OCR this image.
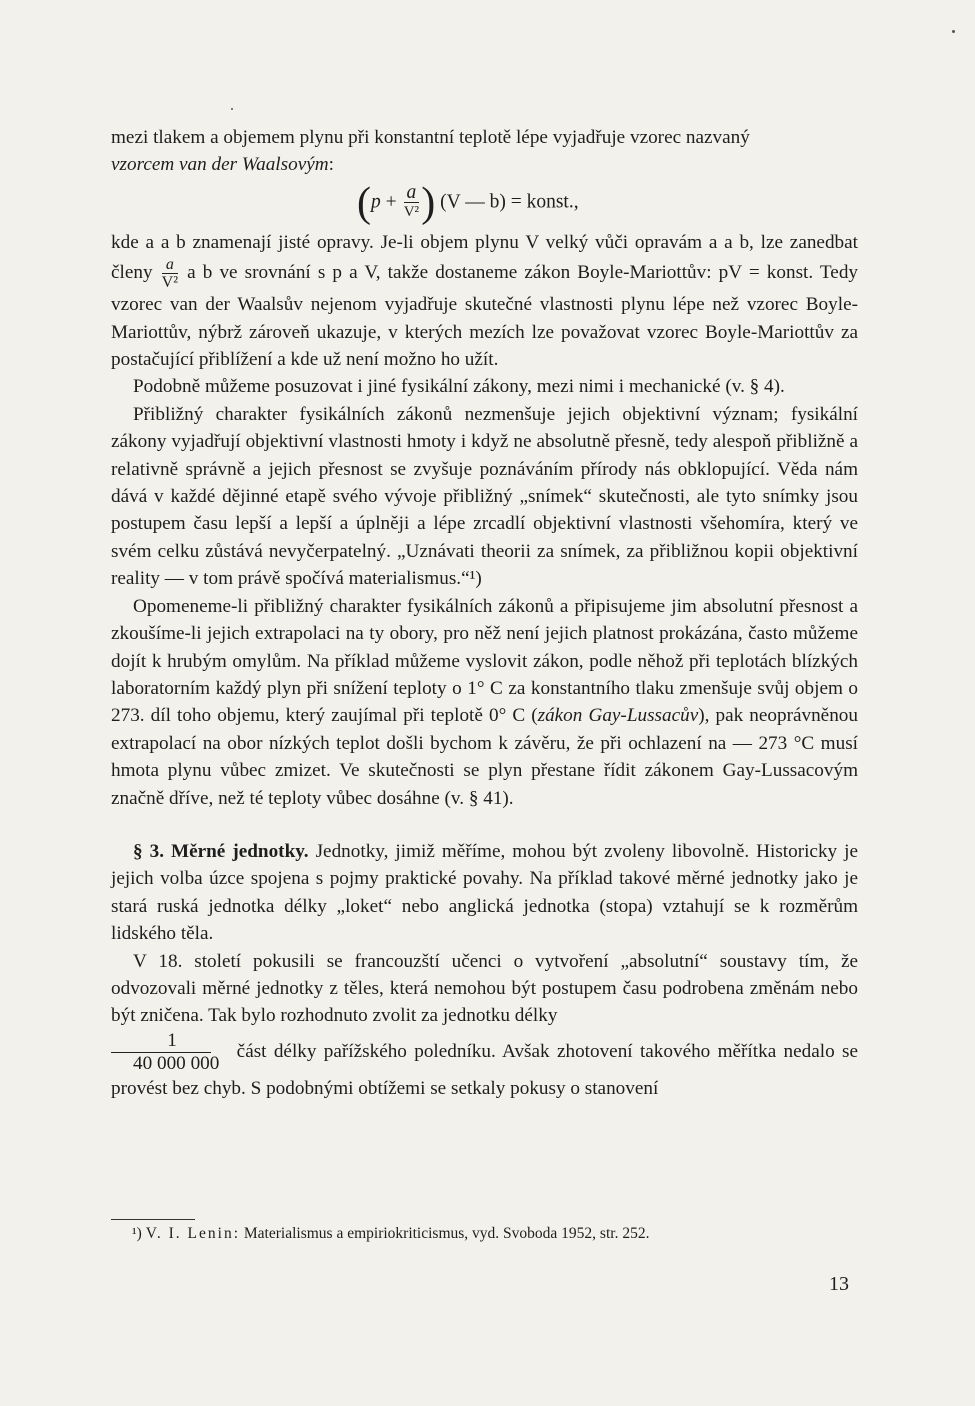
mezi tlakem a objemem plynu při konstantní teplotě lépe vyjadřuje vzorec nazvaný
vzorcem van der Waalsovým:

($p + \frac{a}{\text{V²}}$ ) (V — b) = konst.,

kde a a b znamenají jisté opravy. Je-li objem plynu V velký vůči opravám a a b, lze zanedbat členy $\frac{a}{\text{V²}}$ a b ve srovnání s p a V, takže dostaneme zákon Boyle-Mariottův: pV = konst. Tedy vzorec van der Waalsův nejenom vyjadřuje skutečné vlastnosti plynu lépe než vzorec Boyle-Mariottův, nýbrž zároveň ukazuje, v kterých mezích lze považovat vzorec Boyle-Mariottův za postačující přiblížení a kde už není možno ho užít.

Podobně můžeme posuzovat i jiné fysikální zákony, mezi nimi i mechanické (v. § 4).

Přibližný charakter fysikálních zákonů nezmenšuje jejich objektivní význam; fysikální zákony vyjadřují objektivní vlastnosti hmoty i když ne absolutně přesně, tedy alespoň přibližně a relativně správně a jejich přesnost se zvyšuje poznáváním přírody nás obklopující. Věda nám dává v každé dějinné etapě svého vývoje přibližný „snímek“ skutečnosti, ale tyto snímky jsou postupem času lepší a lepší a úplněji a lépe zrcadlí objektivní vlastnosti všehomíra, který ve svém celku zůstává nevyčerpatelný. „Uznávati theorii za snímek, za přibližnou kopii objektivní reality — v tom právě spočívá materialismus.“¹)

Opomeneme-li přibližný charakter fysikálních zákonů a připisujeme jim absolutní přesnost a zkoušíme-li jejich extrapolaci na ty obory, pro něž není jejich platnost prokázána, často můžeme dojít k hrubým omylům. Na příklad můžeme vyslovit zákon, podle něhož při teplotách blízkých laboratorním každý plyn při snížení teploty o 1° C za konstantního tlaku zmenšuje svůj objem o 273. díl toho objemu, který zaujímal při teplotě 0° C (zákon Gay-Lussacův), pak neoprávněnou extrapolací na obor nízkých teplot došli bychom k závěru, že při ochlazení na — 273 °C musí hmota plynu vůbec zmizet. Ve skutečnosti se plyn přestane řídit zákonem Gay-Lussacovým značně dříve, než té teploty vůbec dosáhne (v. § 41).

§ 3. Měrné jednotky. Jednotky, jimiž měříme, mohou být zvoleny libovolně. Historicky je jejich volba úzce spojena s pojmy praktické povahy. Na příklad takové měrné jednotky jako je stará ruská jednotka délky „loket“ nebo anglická jednotka (stopa) vztahují se k rozměrům lidského těla.

V 18. století pokusili se francouzští učenci o vytvoření „absolutní“ soustavy tím, že odvozovali měrné jednotky z těles, která nemohou být postupem času podrobena změnám nebo být zničena. Tak bylo rozhodnuto zvolit za jednotku délky

$\frac{1}{40 000 000}$ část délky pařížského poledníku. Avšak zhotovení takového měřítka nedalo se provést bez chyb. S podobnými obtížemi se setkaly pokusy o stanovení

¹) V. I. Lenin: Materialismus a empiriokriticismus, vyd. Svoboda 1952, str. 252.
13
